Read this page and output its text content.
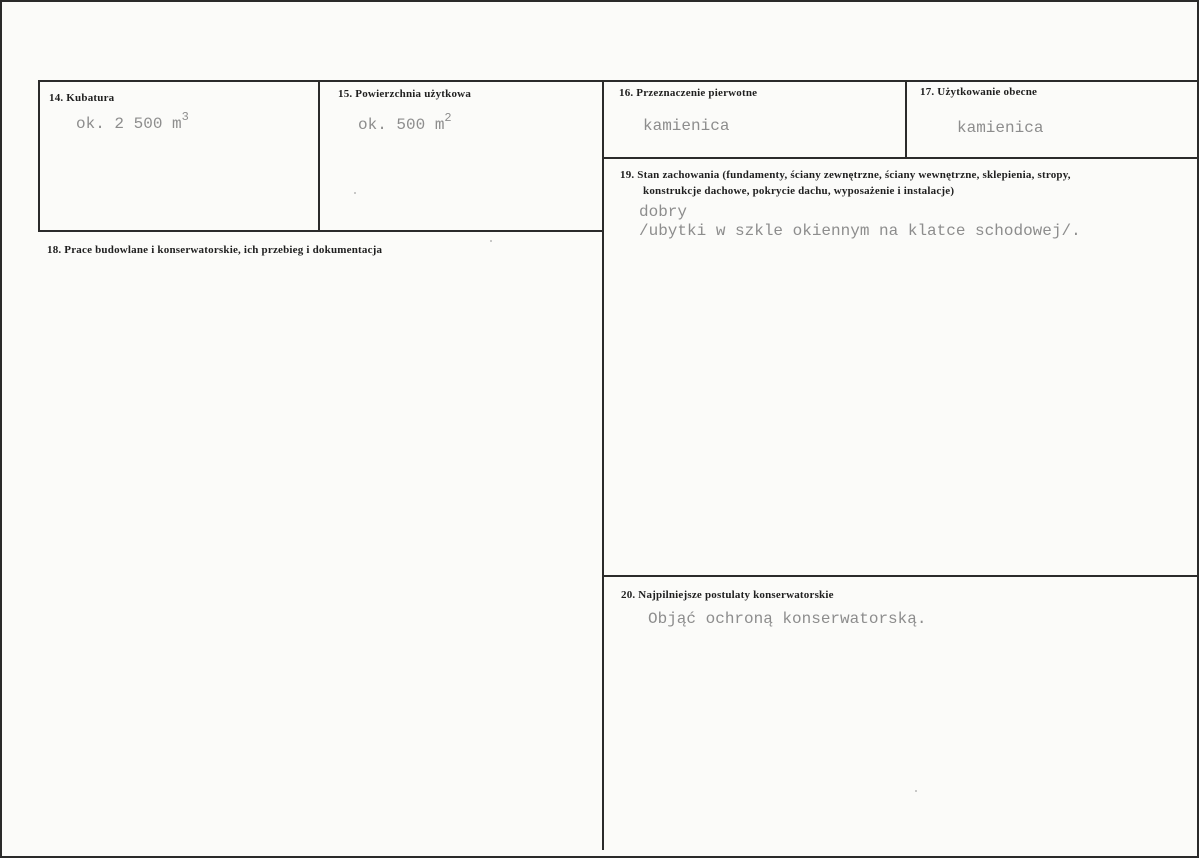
14. Kubatura
ok. 2 500 $m^3$
15. Powierzchnia użytkowa
ok. 500 $m^2$
16. Przeznaczenie pierwotne
kamienica
17. Użytkowanie obecne
kamienica
18. Prace budowlane i konserwatorskie, ich przebieg i dokumentacja
19. Stan zachowania (fundamenty, ściany zewnętrzne, ściany wewnętrzne, sklepienia, stropy,
konstrukcje dachowe, pokrycie dachu, wyposażenie i instalacje)
dobry
/ubytki w szkle okiennym na klatce schodowej/.
20. Najpilniejsze postulaty konserwatorskie
Objąć ochroną konserwatorską.
